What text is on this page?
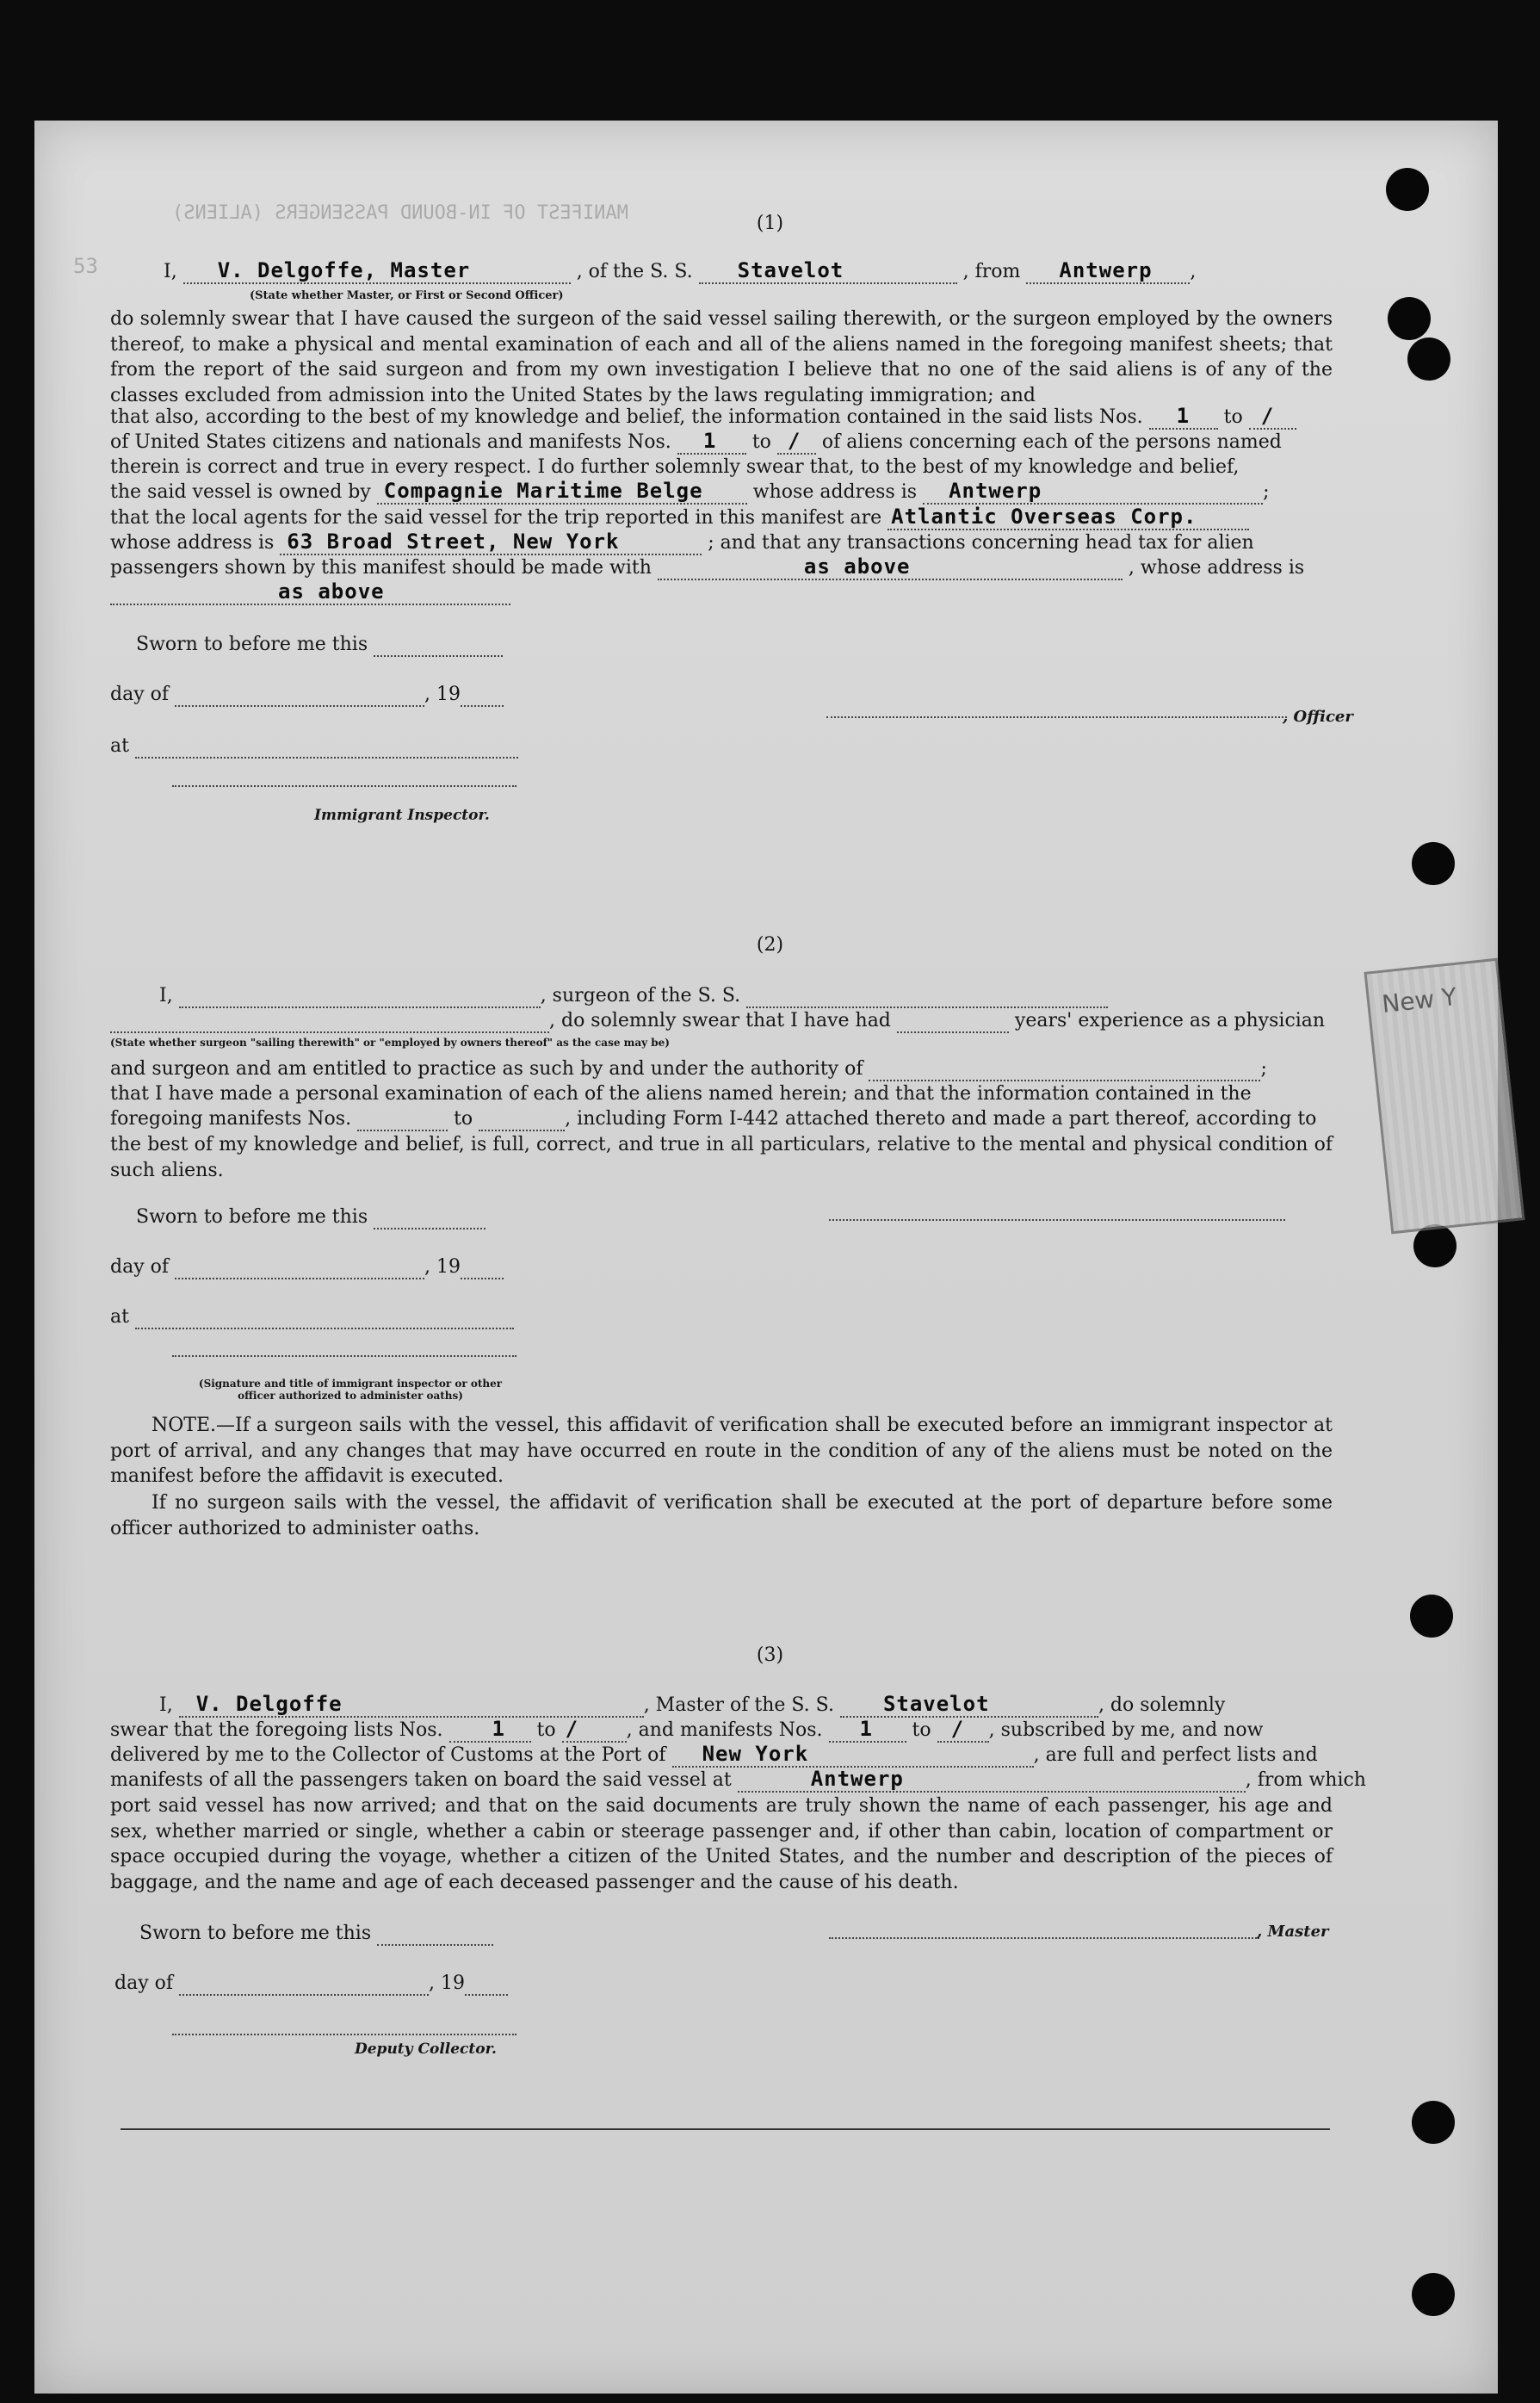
MANIFEST OF IN-BOUND PASSENGERS (ALIENS)
53
New Y
(1)
I, V. Delgoffe, Master	, of the S. S. Stavelot	, from Antwerp ,
(State whether Master, or First or Second Officer)
do solemnly swear that I have caused the surgeon of the said vessel sailing therewith, or the surgeon employed by the owners thereof, to make a physical and mental examination of each and all of the aliens named in the foregoing manifest sheets; that from the report of the said surgeon and from my own investigation I believe that no one of the said aliens is of any of the classes excluded from admission into the United States by the laws regulating immigration; and
that also, according to the best of my knowledge and belief, the information contained in the said lists Nos. 1 to /
of United States citizens and nationals and manifests Nos. 1 to / of aliens concerning each of the persons named
therein is correct and true in every respect. I do further solemnly swear that, to the best of my knowledge and belief,
the said vessel is owned by Compagnie Maritime Belge	whose address is Antwerp	;
that the local agents for the said vessel for the trip reported in this manifest are Atlantic Overseas Corp.
whose address is 63 Broad Street, New York	; and that any transactions concerning head tax for alien
passengers shown by this manifest should be made with	as above	, whose address is
as above
Sworn to before me this
day of	, 19
at
Immigrant Inspector.
, Officer
(2)
I,	, surgeon of the S. S.
, do solemnly swear that I have had	years' experience as a physician
(State whether surgeon "sailing therewith" or "employed by owners thereof" as the case may be)
and surgeon and am entitled to practice as such by and under the authority of	;
that I have made a personal examination of each of the aliens named herein; and that the information contained in the
foregoing manifests Nos.	to	, including Form I-442 attached thereto and made a part thereof, according to
the best of my knowledge and belief, is full, correct, and true in all particulars, relative to the mental and physical condition of such aliens.
Sworn to before me this
day of	, 19
at
(Signature and title of immigrant inspector or other officer authorized to administer oaths)
NOTE.—If a surgeon sails with the vessel, this affidavit of verification shall be executed before an immigrant inspector at port of arrival, and any changes that may have occurred en route in the condition of any of the aliens must be noted on the manifest before the affidavit is executed.
If no surgeon sails with the vessel, the affidavit of verification shall be executed at the port of departure before some officer authorized to administer oaths.
(3)
I, V. Delgoffe	, Master of the S. S. Stavelot	, do solemnly
swear that the foregoing lists Nos. 1 to /	, and manifests Nos. 1 to / , subscribed by me, and now
delivered by me to the Collector of Customs at the Port of New York	, are full and perfect lists and
manifests of all the passengers taken on board the said vessel at	Antwerp	, from which
port said vessel has now arrived; and that on the said documents are truly shown the name of each passenger, his age and sex, whether married or single, whether a cabin or steerage passenger and, if other than cabin, location of compartment or space occupied during the voyage, whether a citizen of the United States, and the number and description of the pieces of baggage, and the name and age of each deceased passenger and the cause of his death.
Sworn to before me this	, Master
day of	, 19
Deputy Collector.
